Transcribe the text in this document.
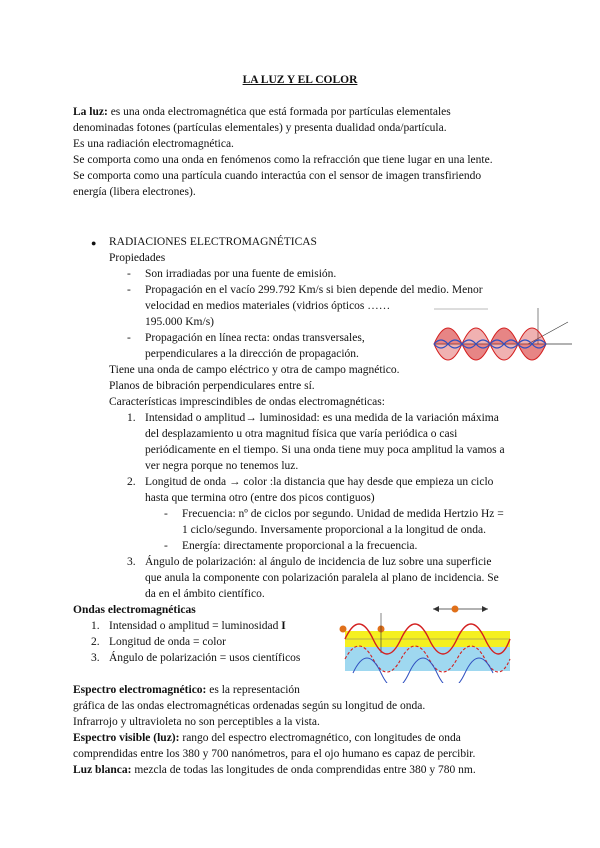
LA LUZ Y EL COLOR
La luz: es una onda electromagnética que está formada por partículas elementales
denominadas fotones (partículas elementales) y presenta dualidad onda/partícula.
Es una radiación electromagnética.
Se comporta como una onda en fenómenos como la refracción que tiene lugar en una lente.
Se comporta como una partícula cuando interactúa con el sensor de imagen transfiriendo
energía (libera electrones).
● RADIACIONES ELECTROMAGNÉTICAS
Propiedades
- Son irradiadas por una fuente de emisión.
- Propagación en el vacío 299.792 Km/s si bien depende del medio. Menor
velocidad en medios materiales (vidrios ópticos ……
195.000 Km/s)
- Propagación en línea recta: ondas transversales,
perpendiculares a la dirección de propagación.
Tiene una onda de campo eléctrico y otra de campo magnético.
Planos de bibración perpendiculares entre sí.
Características imprescindibles de ondas electromagnéticas:
1. Intensidad o amplitud→ luminosidad: es una medida de la variación máxima
del desplazamiento u otra magnitud física que varía periódica o casi
periódicamente en el tiempo. Si una onda tiene muy poca amplitud la vamos a
ver negra porque no tenemos luz.
2. Longitud de onda → color :la distancia que hay desde que empieza un ciclo
hasta que termina otro (entre dos picos contiguos)
- Frecuencia: nº de ciclos por segundo. Unidad de medida Hertzio Hz =
1 ciclo/segundo. Inversamente proporcional a la longitud de onda.
- Energía: directamente proporcional a la frecuencia.
3. Ángulo de polarización: al ángulo de incidencia de luz sobre una superficie
que anula la componente con polarización paralela al plano de incidencia. Se
da en el ámbito científico.
Ondas electromagnéticas
1. Intensidad o amplitud = luminosidad I
2. Longitud de onda = color
3. Ángulo de polarización = usos científicos
Espectro electromagnético: es la representación
gráfica de las ondas electromagnéticas ordenadas según su longitud de onda.
Infrarrojo y ultravioleta no son perceptibles a la vista.
Espectro visible (luz): rango del espectro electromagnético, con longitudes de onda
comprendidas entre los 380 y 700 nanómetros, para el ojo humano es capaz de percibir.
Luz blanca: mezcla de todas las longitudes de onda comprendidas entre 380 y 780 nm.
